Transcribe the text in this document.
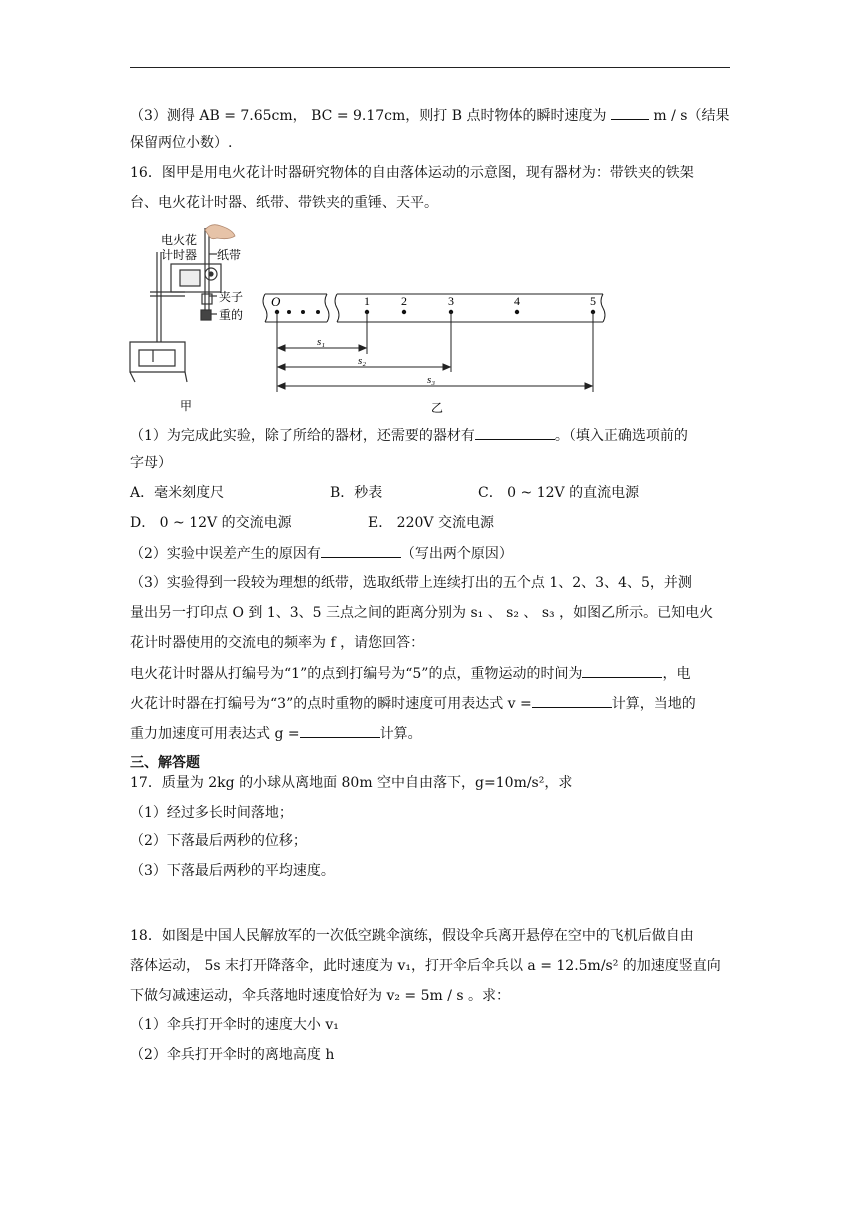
（3）测得 AB = 7.65cm， BC = 9.17cm，则打 B 点时物体的瞬时速度为	m / s（结果
保留两位小数）.
16．图甲是用电火花计时器研究物体的自由落体运动的示意图，现有器材为：带铁夹的铁架
台、电火花计时器、纸带、带铁夹的重锤、天平。
电火花
计时器 纸带
夹子
重的
甲
O	1	2	3	4	5
s₁
s₂
s₃
乙
（1）为完成此实验，除了所给的器材，还需要的器材有	。（填入正确选项前的
字母）
A．毫米刻度尺	B．秒表	C． 0 ~ 12V 的直流电源
D． 0 ~ 12V 的交流电源	E． 220V 交流电源
（2）实验中误差产生的原因有	（写出两个原因）
（3）实验得到一段较为理想的纸带，选取纸带上连续打出的五个点 1、2、3、4、5，并测
量出另一打印点 O 到 1、3、5 三点之间的距离分别为 s₁ 、 s₂ 、 s₃ ，如图乙所示。已知电火
花计时器使用的交流电的频率为 f ，请您回答：
电火花计时器从打编号为“1”的点到打编号为“5”的点，重物运动的时间为	，电
火花计时器在打编号为“3”的点时重物的瞬时速度可用表达式 v =	计算，当地的
重力加速度可用表达式 g =	计算。
三、解答题
17．质量为 2kg 的小球从离地面 80m 空中自由落下，g=10m/s²，求
（1）经过多长时间落地；
（2）下落最后两秒的位移；
（3）下落最后两秒的平均速度。
18．如图是中国人民解放军的一次低空跳伞演练，假设伞兵离开悬停在空中的飞机后做自由
落体运动， 5s 末打开降落伞，此时速度为 v₁，打开伞后伞兵以 a = 12.5m/s² 的加速度竖直向
下做匀减速运动，伞兵落地时速度恰好为 v₂ = 5m / s 。求：
（1）伞兵打开伞时的速度大小 v₁
（2）伞兵打开伞时的离地高度 h
